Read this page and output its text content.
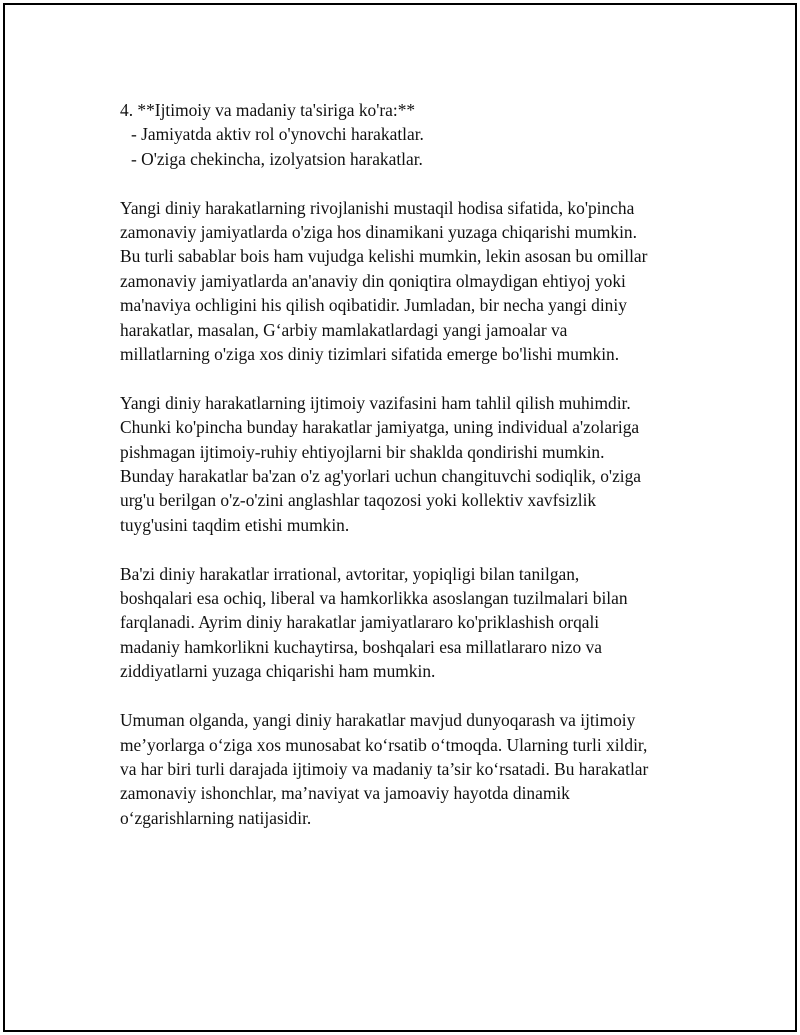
4. **Ijtimoiy va madaniy ta'siriga ko'ra:**
- Jamiyatda aktiv rol o'ynovchi harakatlar.
- O'ziga chekincha, izolyatsion harakatlar.
Yangi diniy harakatlarning rivojlanishi mustaqil hodisa sifatida, ko'pincha
zamonaviy jamiyatlarda o'ziga hos dinamikani yuzaga chiqarishi mumkin.
Bu turli sabablar bois ham vujudga kelishi mumkin, lekin asosan bu omillar
zamonaviy jamiyatlarda an'anaviy din qoniqtira olmaydigan ehtiyoj yoki
ma'naviya ochligini his qilish oqibatidir. Jumladan, bir necha yangi diniy
harakatlar, masalan, G‘arbiy mamlakatlardagi yangi jamoalar va
millatlarning o'ziga xos diniy tizimlari sifatida emerge bo'lishi mumkin.
Yangi diniy harakatlarning ijtimoiy vazifasini ham tahlil qilish muhimdir.
Chunki ko'pincha bunday harakatlar jamiyatga, uning individual a'zolariga
pishmagan ijtimoiy-ruhiy ehtiyojlarni bir shaklda qondirishi mumkin.
Bunday harakatlar ba'zan o'z ag'yorlari uchun changituvchi sodiqlik, o'ziga
urg'u berilgan o'z-o'zini anglashlar taqozosi yoki kollektiv xavfsizlik
tuyg'usini taqdim etishi mumkin.
Ba'zi diniy harakatlar irrational, avtoritar, yopiqligi bilan tanilgan,
boshqalari esa ochiq, liberal va hamkorlikka asoslangan tuzilmalari bilan
farqlanadi. Ayrim diniy harakatlar jamiyatlararo ko'priklashish orqali
madaniy hamkorlikni kuchaytirsa, boshqalari esa millatlararo nizo va
ziddiyatlarni yuzaga chiqarishi ham mumkin.
Umuman olganda, yangi diniy harakatlar mavjud dunyoqarash va ijtimoiy
me’yorlarga o‘ziga xos munosabat ko‘rsatib o‘tmoqda. Ularning turli xildir,
va har biri turli darajada ijtimoiy va madaniy ta’sir ko‘rsatadi. Bu harakatlar
zamonaviy ishonchlar, ma’naviyat va jamoaviy hayotda dinamik
o‘zgarishlarning natijasidir.
